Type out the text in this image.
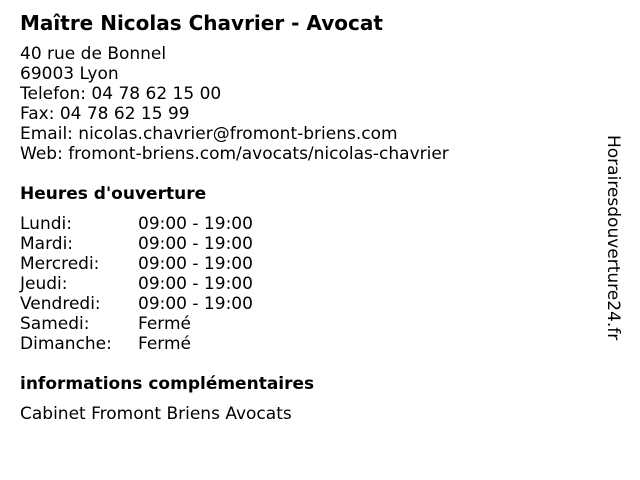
Maître Nicolas Chavrier - Avocat
40 rue de Bonnel
69003 Lyon
Telefon: 04 78 62 15 00
Fax: 04 78 62 15 99
Email: nicolas.chavrier@fromont-briens.com
Web: fromont-briens.com/avocats/nicolas-chavrier
Heures d'ouverture
Lundi:	09:00 - 19:00
Mardi:	09:00 - 19:00
Mercredi:	09:00 - 19:00
Jeudi:	09:00 - 19:00
Vendredi:	09:00 - 19:00
Samedi:	Fermé
Dimanche:	Fermé
informations complémentaires
Cabinet Fromont Briens Avocats
Horairesdouverture24.fr
